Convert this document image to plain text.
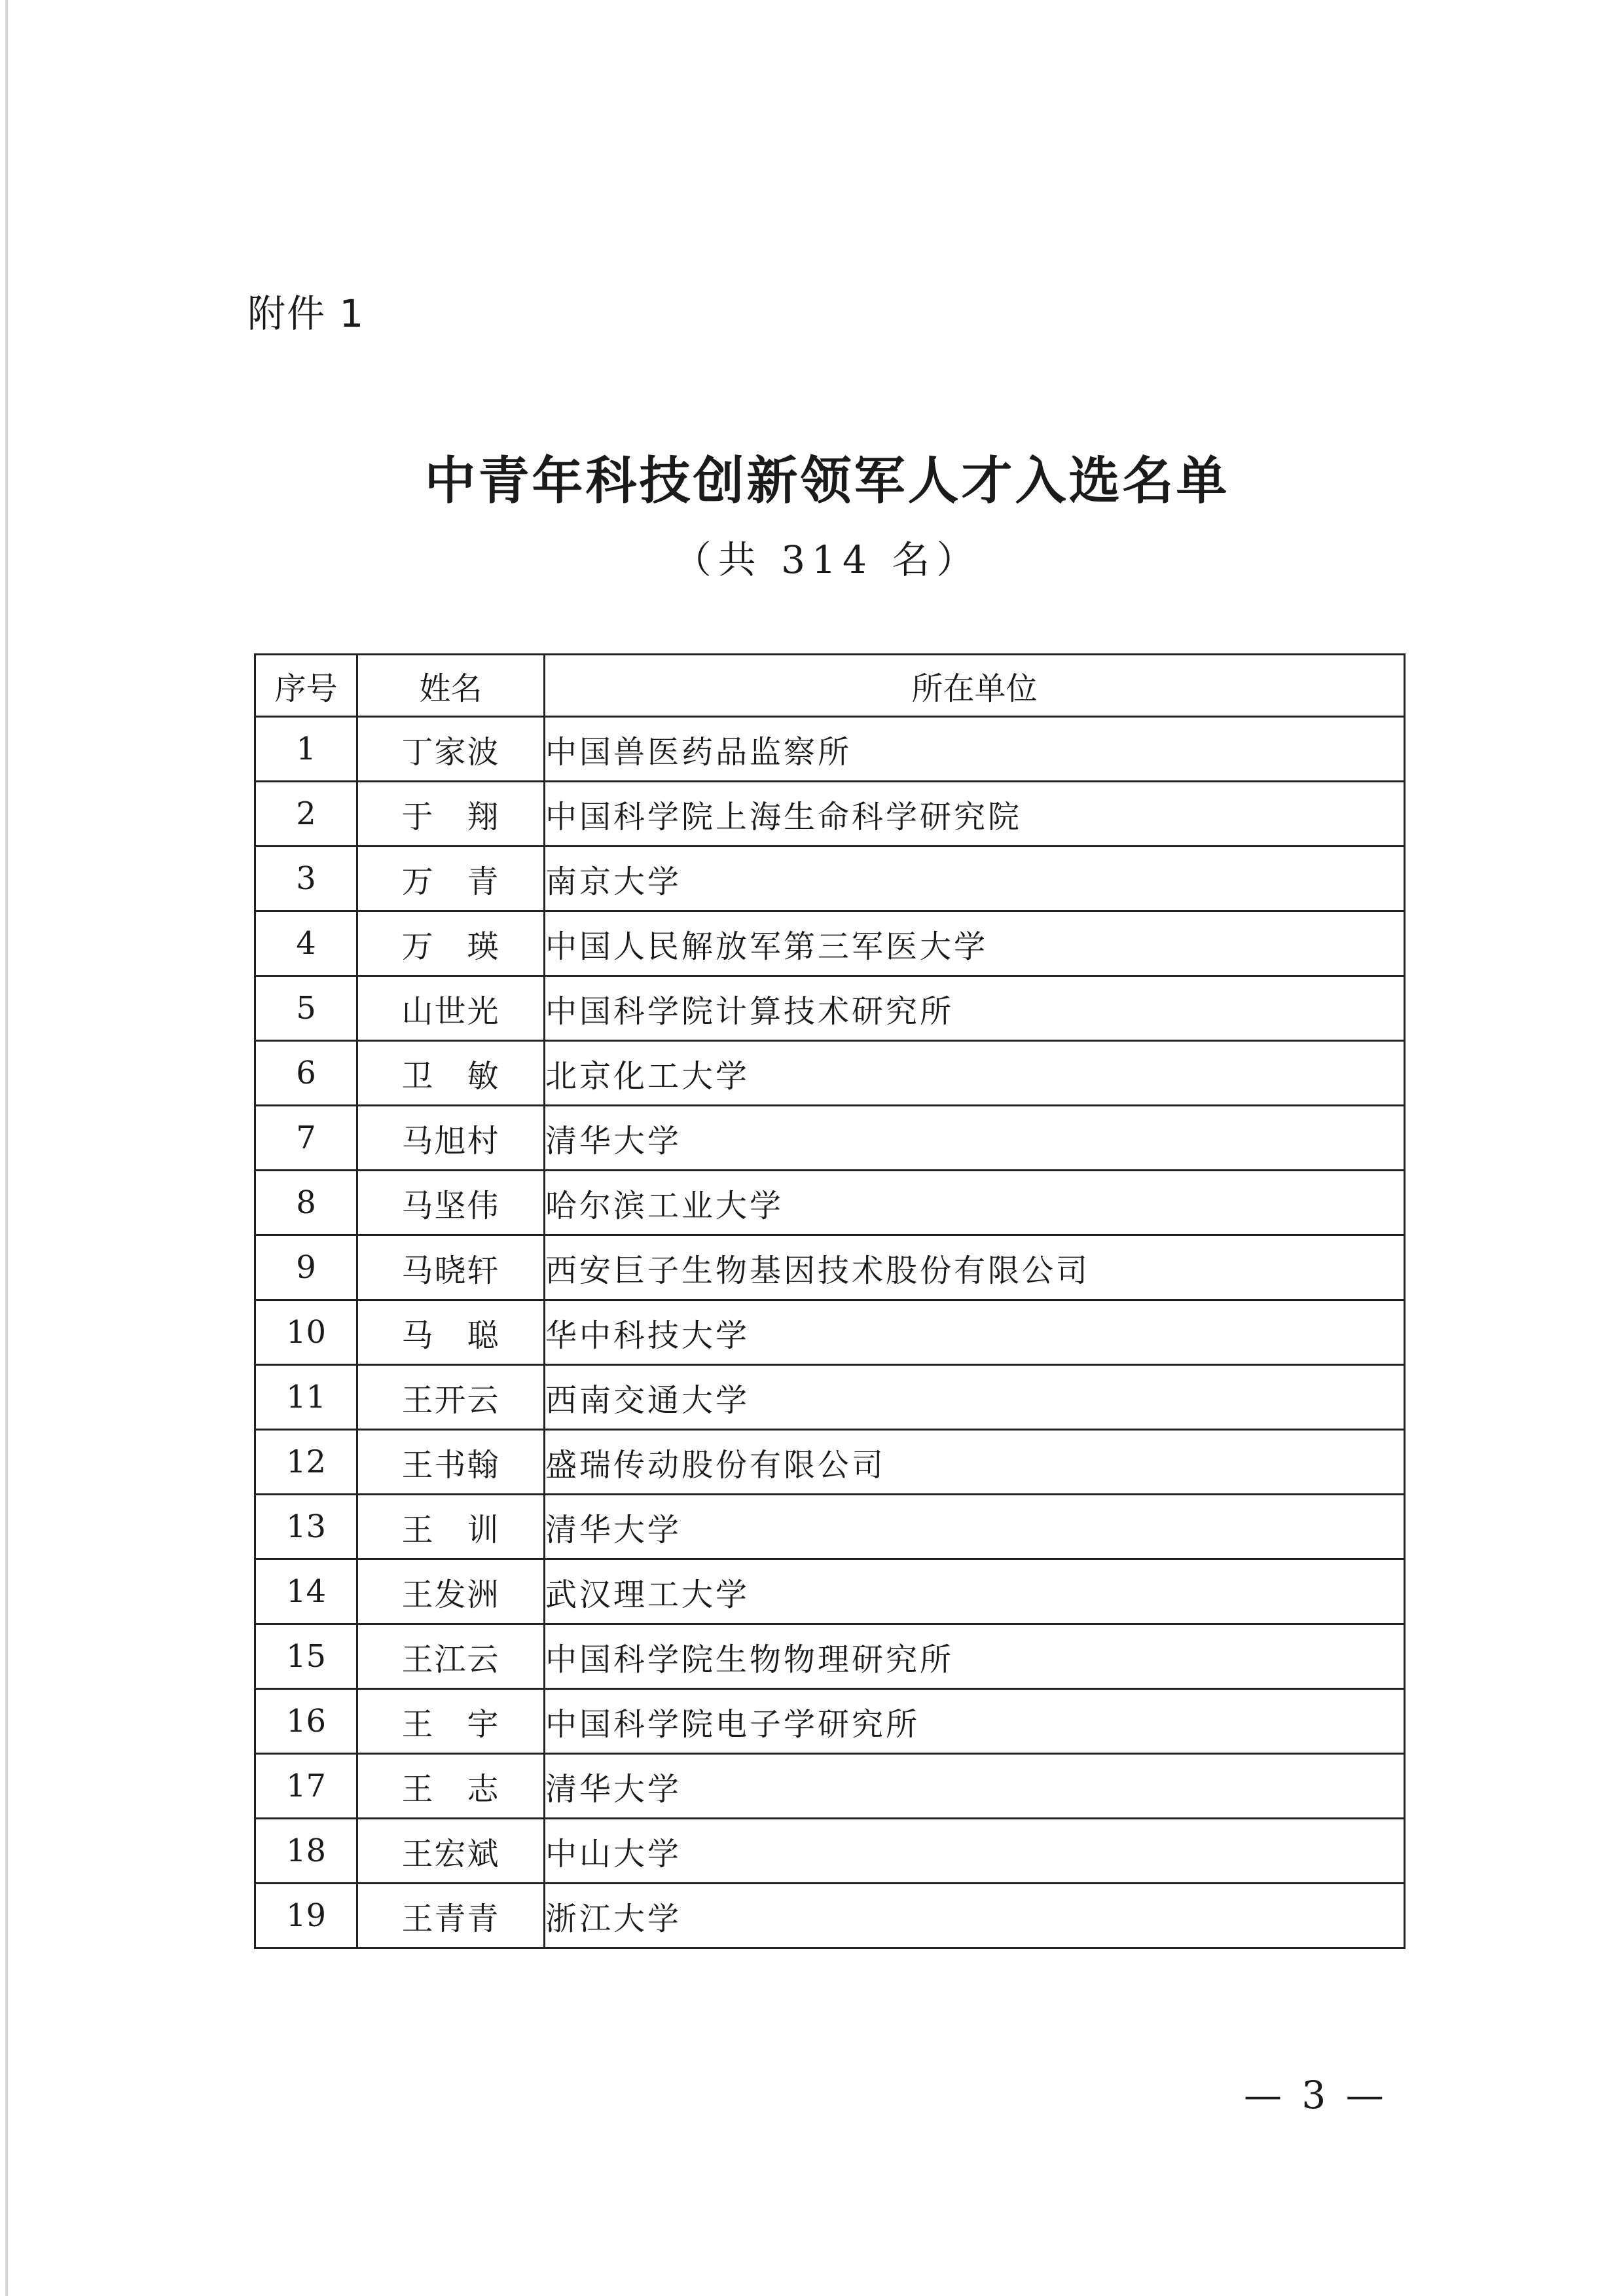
附件 1
中青年科技创新领军人才入选名单
（共 314 名）
序号	姓名	所在单位
1	丁家波	中国兽医药品监察所
2	于　翔	中国科学院上海生命科学研究院
3	万　青	南京大学
4	万　瑛	中国人民解放军第三军医大学
5	山世光	中国科学院计算技术研究所
6	卫　敏	北京化工大学
7	马旭村	清华大学
8	马坚伟	哈尔滨工业大学
9	马晓轩	西安巨子生物基因技术股份有限公司
10	马　聪	华中科技大学
11	王开云	西南交通大学
12	王书翰	盛瑞传动股份有限公司
13	王　训	清华大学
14	王发洲	武汉理工大学
15	王江云	中国科学院生物物理研究所
16	王　宇	中国科学院电子学研究所
17	王　志	清华大学
18	王宏斌	中山大学
19	王青青	浙江大学
— 3 —
